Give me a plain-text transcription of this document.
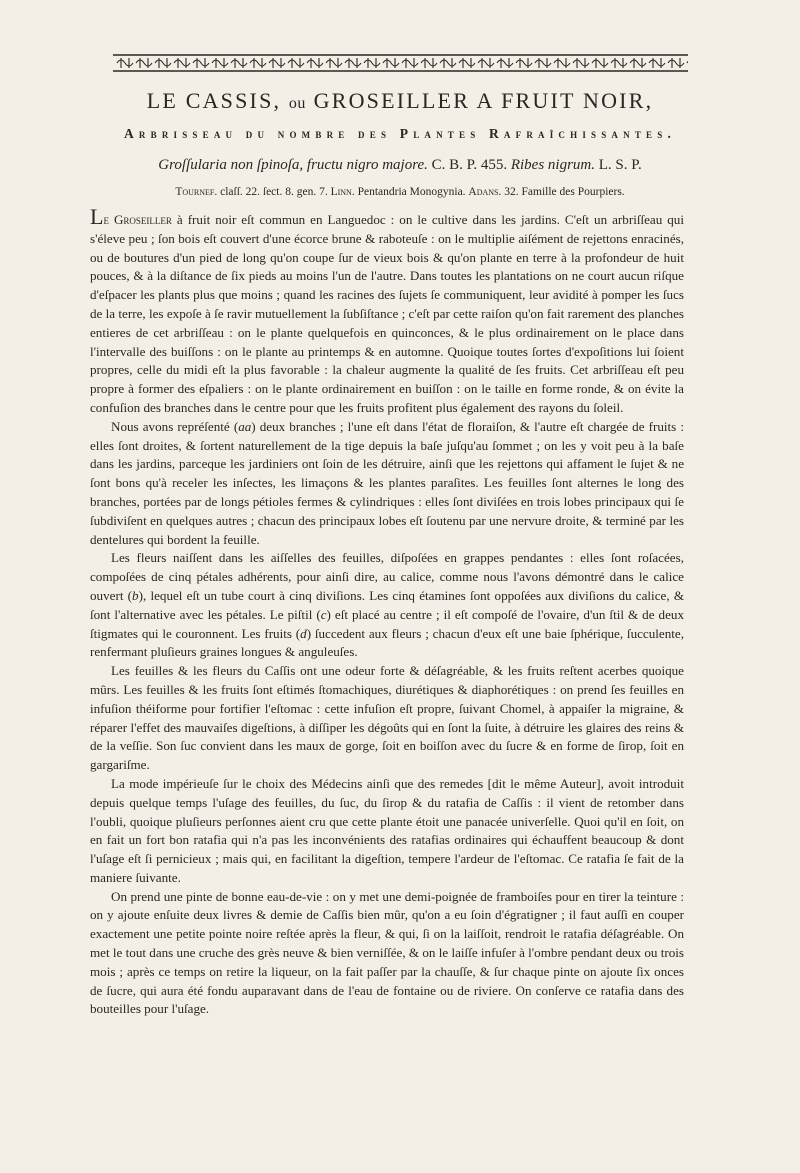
LE CASSIS, ou GROSEILLER A FRUIT NOIR,
Arbrisseau du nombre des Plantes Rafraîchissantes.
Groſſularia non ſpinoſa, fructu nigro majore. C. B. P. 455. Ribes nigrum. L. S. P.
Tournef. claſſ. 22. ſect. 8. gen. 7. Linn. Pentandria Monogynia. Adans. 32. Famille des Pourpiers.

Le Groseiller à fruit noir eſt commun en Languedoc : on le cultive dans les jardins. C'eſt un arbriſſeau qui s'éleve peu ; ſon bois eſt couvert d'une écorce brune & raboteuſe : on le multiplie aiſément de rejettons enracinés, ou de boutures d'un pied de long qu'on coupe ſur de vieux bois & qu'on plante en terre à la profondeur de huit pouces, & à la diſtance de ſix pieds au moins l'un de l'autre. Dans toutes les plantations on ne court aucun riſque d'eſpacer les plants plus que moins ; quand les racines des ſujets ſe communiquent, leur avidité à pomper les ſucs de la terre, les expoſe à ſe ravir mutuellement la ſubſiſtance ; c'eſt par cette raiſon qu'on fait rarement des planches entieres de cet arbriſſeau : on le plante quelquefois en quinconces, & le plus ordinairement on le place dans l'intervalle des buiſſons : on le plante au printemps & en automne. Quoique toutes ſortes d'expoſitions lui ſoient propres, celle du midi eſt la plus favorable : la chaleur augmente la qualité de ſes fruits. Cet arbriſſeau eſt peu propre à former des eſpaliers : on le plante ordinairement en buiſſon : on le taille en forme ronde, & on évite la confuſion des branches dans le centre pour que les fruits profitent plus également des rayons du ſoleil.

Nous avons repréſenté (aa) deux branches ; l'une eſt dans l'état de floraiſon, & l'autre eſt chargée de fruits : elles ſont droites, & ſortent naturellement de la tige depuis la baſe juſqu'au ſommet ; on les y voit peu à la baſe dans les jardins, parceque les jardiniers ont ſoin de les détruire, ainſi que les rejettons qui affament le ſujet & ne ſont bons qu'à receler les inſectes, les limaçons & les plantes paraſites. Les feuilles ſont alternes le long des branches, portées par de longs pétioles fermes & cylindriques : elles ſont diviſées en trois lobes principaux qui ſe ſubdiviſent en quelques autres ; chacun des principaux lobes eſt ſoutenu par une nervure droite, & terminé par les dentelures qui bordent la feuille.

Les fleurs naiſſent dans les aiſſelles des feuilles, diſpoſées en grappes pendantes : elles ſont roſacées, compoſées de cinq pétales adhérents, pour ainſi dire, au calice, comme nous l'avons démontré dans le calice ouvert (b), lequel eſt un tube court à cinq diviſions. Les cinq étamines ſont oppoſées aux diviſions du calice, & ſont l'alternative avec les pétales. Le piſtil (c) eſt placé au centre ; il eſt compoſé de l'ovaire, d'un ſtil & de deux ſtigmates qui le couronnent. Les fruits (d) ſuccedent aux fleurs ; chacun d'eux eſt une baie ſphérique, ſucculente, renfermant pluſieurs graines longues & anguleuſes.

Les feuilles & les fleurs du Caſſis ont une odeur forte & déſagréable, & les fruits reſtent acerbes quoique mûrs. Les feuilles & les fruits ſont eſtimés ſtomachiques, diurétiques & diaphorétiques : on prend ſes feuilles en infuſion théiforme pour fortifier l'eſtomac : cette infuſion eſt propre, ſuivant Chomel, à appaiſer la migraine, & réparer l'effet des mauvaiſes digeſtions, à diſſiper les dégoûts qui en ſont la ſuite, à détruire les glaires des reins & de la veſſie. Son ſuc convient dans les maux de gorge, ſoit en boiſſon avec du ſucre & en forme de ſirop, ſoit en gargariſme.

La mode impérieuſe ſur le choix des Médecins ainſi que des remedes [dit le même Auteur], avoit introduit depuis quelque temps l'uſage des feuilles, du ſuc, du ſirop & du ratafia de Caſſis : il vient de retomber dans l'oubli, quoique pluſieurs perſonnes aient cru que cette plante étoit une panacée univerſelle. Quoi qu'il en ſoit, on en fait un fort bon ratafia qui n'a pas les inconvénients des ratafias ordinaires qui échauffent beaucoup & dont l'uſage eſt ſi pernicieux ; mais qui, en facilitant la digeſtion, tempere l'ardeur de l'eſtomac. Ce ratafia ſe fait de la maniere ſuivante.

On prend une pinte de bonne eau-de-vie : on y met une demi-poignée de framboiſes pour en tirer la teinture : on y ajoute enſuite deux livres & demie de Caſſis bien mûr, qu'on a eu ſoin d'égratigner ; il faut auſſi en couper exactement une petite pointe noire reſtée après la fleur, & qui, ſi on la laiſſoit, rendroit le ratafia déſagréable. On met le tout dans une cruche des grès neuve & bien verniſſée, & on le laiſſe infuſer à l'ombre pendant deux ou trois mois ; après ce temps on retire la liqueur, on la fait paſſer par la chauſſe, & ſur chaque pinte on ajoute ſix onces de ſucre, qui aura été fondu auparavant dans de l'eau de fontaine ou de riviere. On conſerve ce ratafia dans des bouteilles pour l'uſage.
